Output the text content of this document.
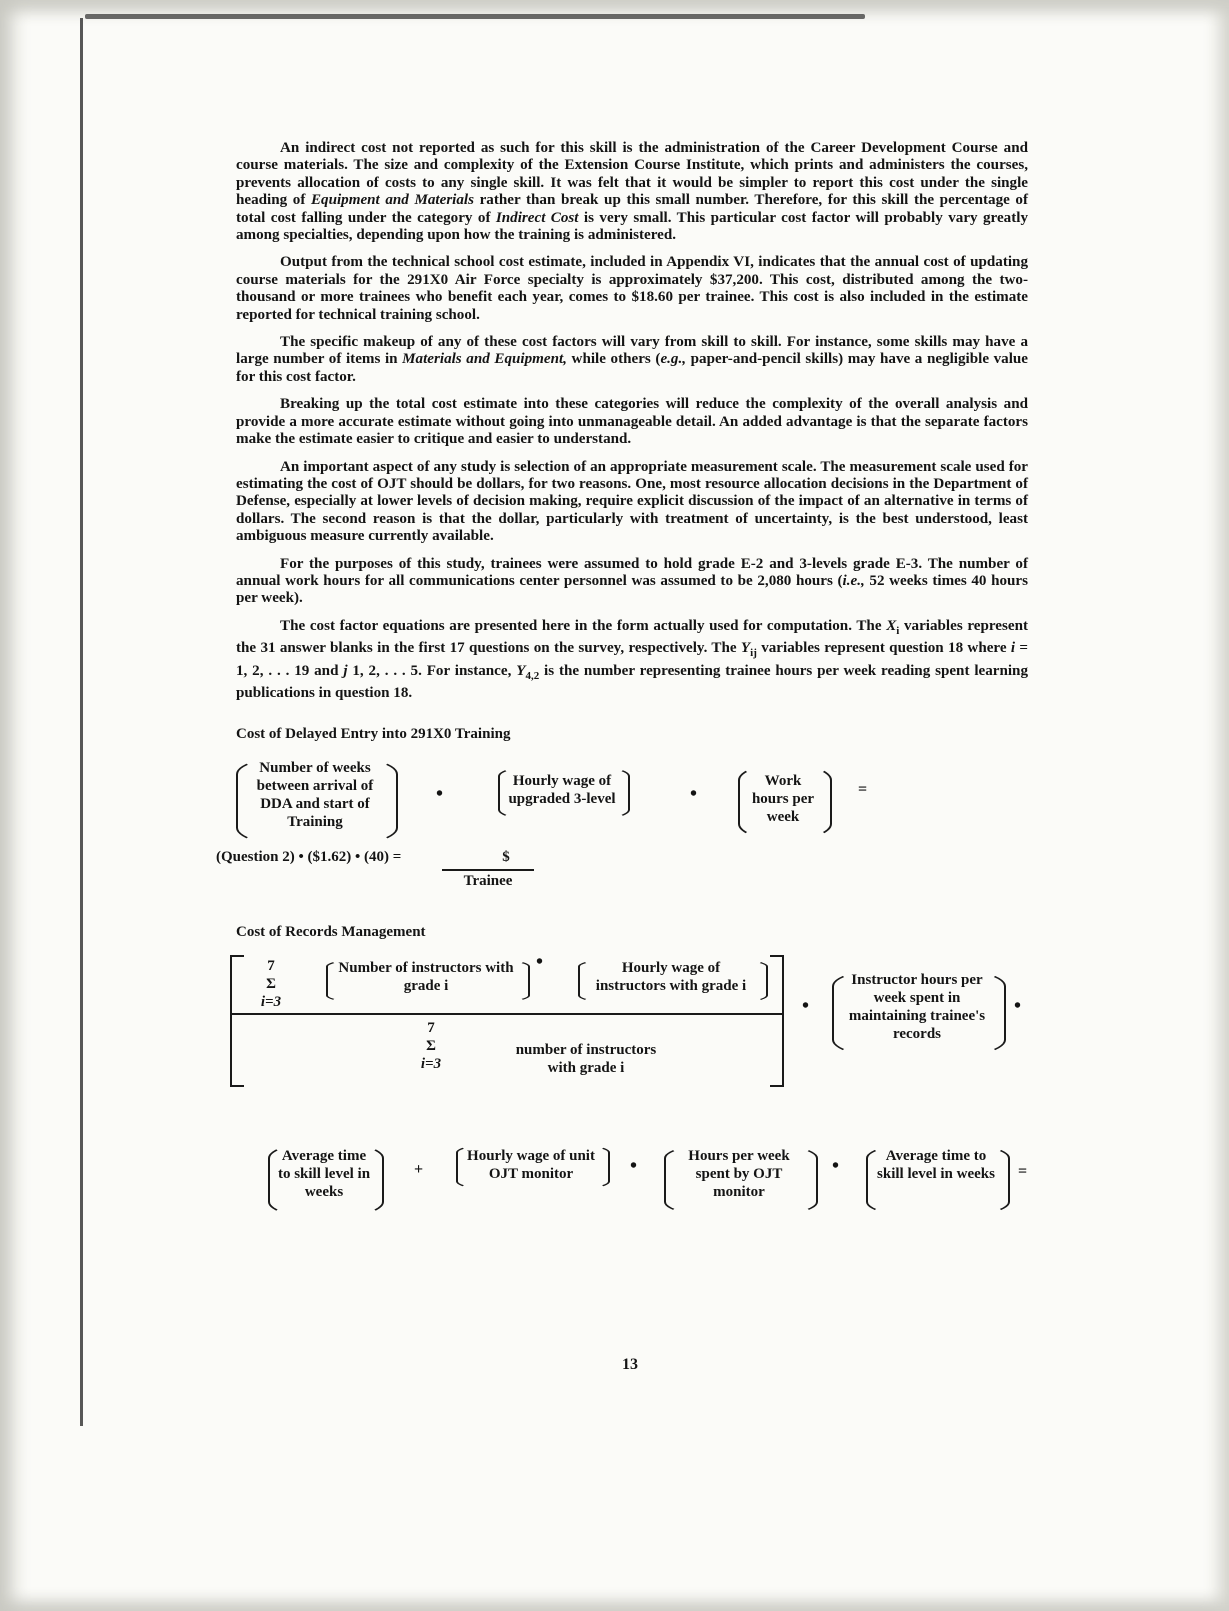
An indirect cost not reported as such for this skill is the administration of the Career Development Course and course materials. The size and complexity of the Extension Course Institute, which prints and administers the courses, prevents allocation of costs to any single skill. It was felt that it would be simpler to report this cost under the single heading of Equipment and Materials rather than break up this small number. Therefore, for this skill the percentage of total cost falling under the category of Indirect Cost is very small. This particular cost factor will probably vary greatly among specialties, depending upon how the training is administered.

Output from the technical school cost estimate, included in Appendix VI, indicates that the annual cost of updating course materials for the 291X0 Air Force specialty is approximately $37,200. This cost, distributed among the two-thousand or more trainees who benefit each year, comes to $18.60 per trainee. This cost is also included in the estimate reported for technical training school.

The specific makeup of any of these cost factors will vary from skill to skill. For instance, some skills may have a large number of items in Materials and Equipment, while others (e.g., paper-and-pencil skills) may have a negligible value for this cost factor.

Breaking up the total cost estimate into these categories will reduce the complexity of the overall analysis and provide a more accurate estimate without going into unmanageable detail. An added advantage is that the separate factors make the estimate easier to critique and easier to understand.

An important aspect of any study is selection of an appropriate measurement scale. The measurement scale used for estimating the cost of OJT should be dollars, for two reasons. One, most resource allocation decisions in the Department of Defense, especially at lower levels of decision making, require explicit discussion of the impact of an alternative in terms of dollars. The second reason is that the dollar, particularly with treatment of uncertainty, is the best understood, least ambiguous measure currently available.

For the purposes of this study, trainees were assumed to hold grade E-2 and 3-levels grade E-3. The number of annual work hours for all communications center personnel was assumed to be 2,080 hours (i.e., 52 weeks times 40 hours per week).

The cost factor equations are presented here in the form actually used for computation. The $X_i$ variables represent the 31 answer blanks in the first 17 questions on the survey, respectively. The $Y_{ij}$ variables represent question 18 where i = 1, 2, . . . 19 and j 1, 2, . . . 5. For instance, $Y_{4,2}$ is the number representing trainee hours per week reading spent learning publications in question 18.

Cost of Delayed Entry into 291X0 Training
Number of weeks between arrival of DDA and start of Training
•
Hourly wage of upgraded 3-level	•
Work hours per week
=
(Question 2) • ($1.62) • (40) =	$
Trainee
Cost of Records Management
7
Σ
i=3
Number of instructors with grade i
•	Hourly wage of instructors with grade i
7
Σ
i=3
number of instructors with grade i
•
Instructor hours per week spent in maintaining trainee's records
•
Average time to skill level in weeks
+
Hourly wage of unit OJT monitor	•	Hours per week spent by OJT monitor
•	Average time to skill level in weeks =
13
